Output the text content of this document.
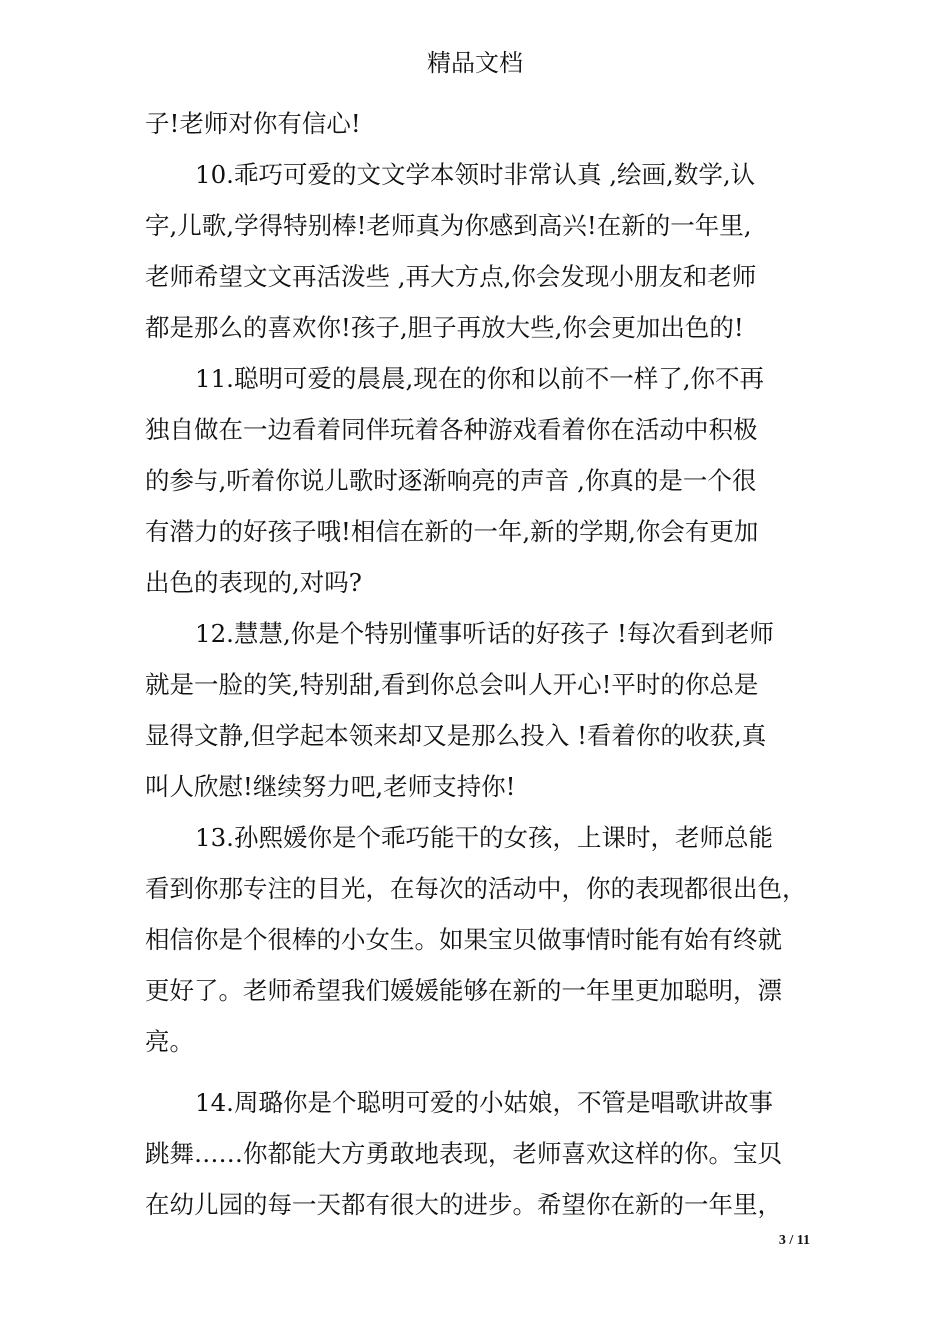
精品文档
子!老师对你有信心!
10.乖巧可爱的文文学本领时非常认真 ,绘画,数学,认
字,儿歌,学得特别棒!老师真为你感到高兴!在新的一年里,
老师希望文文再活泼些 ,再大方点,你会发现小朋友和老师
都是那么的喜欢你!孩子,胆子再放大些,你会更加出色的!
11.聪明可爱的晨晨,现在的你和以前不一样了,你不再
独自做在一边看着同伴玩着各种游戏看着你在活动中积极
的参与,听着你说儿歌时逐渐响亮的声音 ,你真的是一个很
有潜力的好孩子哦!相信在新的一年,新的学期,你会有更加
出色的表现的,对吗?
12.慧慧,你是个特别懂事听话的好孩子 !每次看到老师
就是一脸的笑,特别甜,看到你总会叫人开心!平时的你总是
显得文静,但学起本领来却又是那么投入 !看着你的收获,真
叫人欣慰!继续努力吧,老师支持你!
13.孙熙媛你是个乖巧能干的女孩，上课时，老师总能
看到你那专注的目光，在每次的活动中，你的表现都很出色，
相信你是个很棒的小女生。如果宝贝做事情时能有始有终就
更好了。老师希望我们媛媛能够在新的一年里更加聪明，漂
亮。
14.周璐你是个聪明可爱的小姑娘，不管是唱歌讲故事
跳舞……你都能大方勇敢地表现，老师喜欢这样的你。宝贝
在幼儿园的每一天都有很大的进步。希望你在新的一年里，
3 / 11
